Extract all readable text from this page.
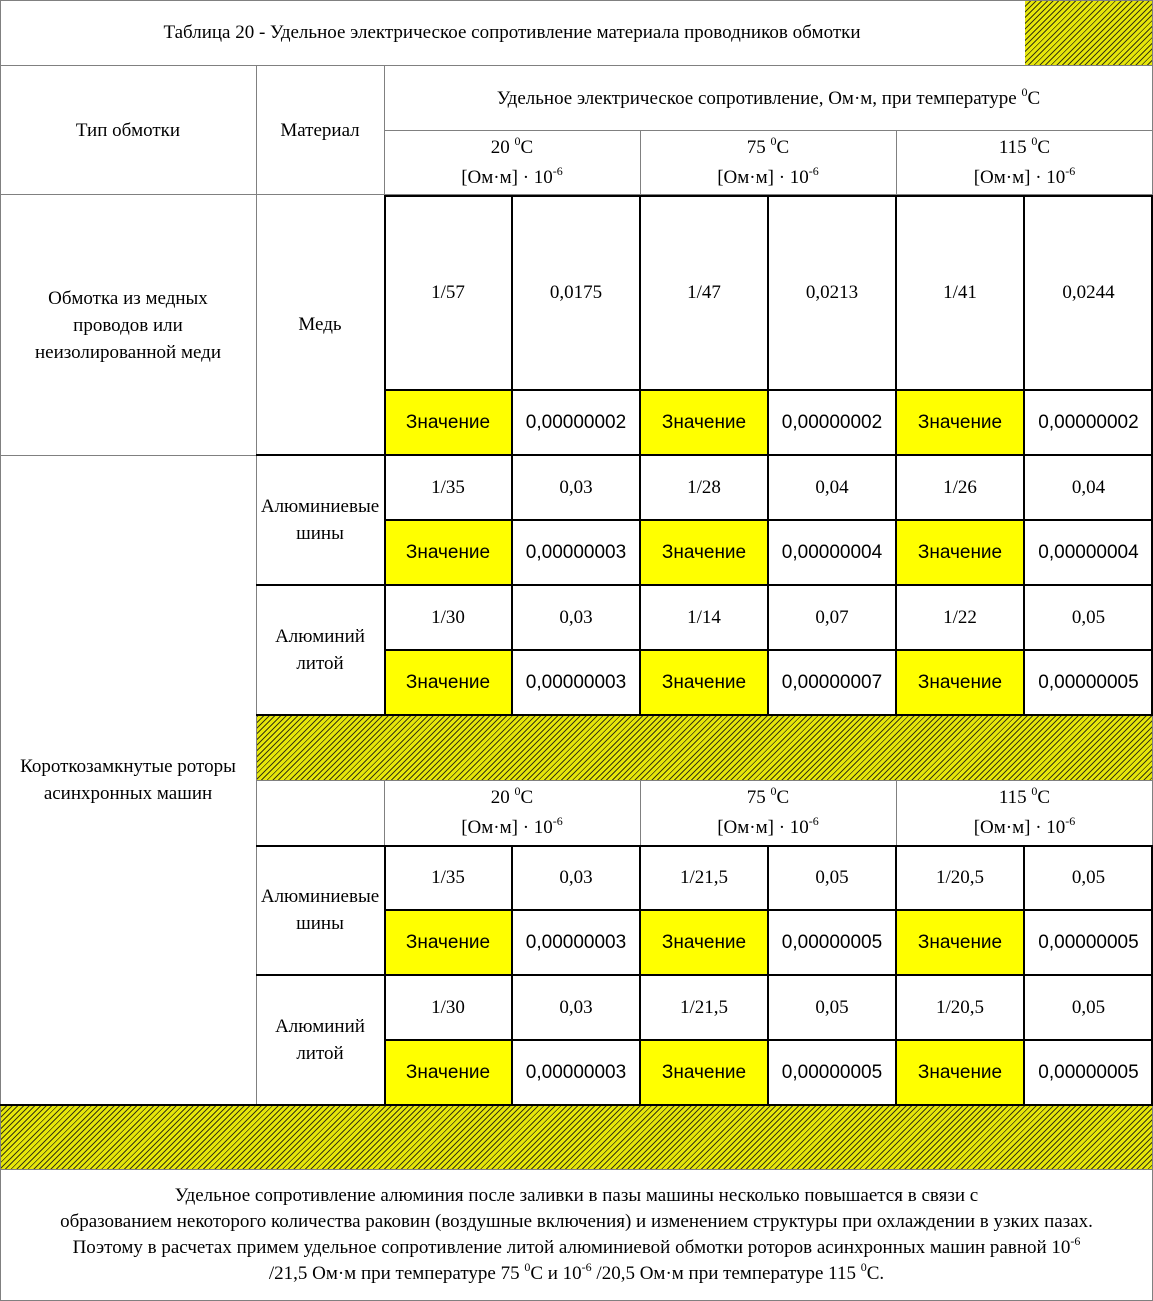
Таблица 20 - Удельное электрическое сопротивление материала проводников обмотки
Тип обмотки	Материал
Удельное электрическое сопротивление, Ом·м, при температуре $^0$С
20 $^0$С
$[Ом\cdot м] \cdot 10^{-6}$
75 $^0$С
$[Ом\cdot м] \cdot 10^{-6}$
115 $^0$С
$[Ом\cdot м] \cdot 10^{-6}$
Обмотка из медных проводов или неизолированной меди
Медь
1/57	0,0175	1/47	0,0213	1/41	0,0244
Значение 0,00000002 Значение 0,00000002 Значение 0,00000002
Короткозамкнутые роторы асинхронных машин
Алюминиевые шины
1/35	0,03	1/28	0,04	1/26	0,04
Значение 0,00000003 Значение 0,00000004 Значение 0,00000004
Алюминий литой
1/30	0,03	1/14	0,07	1/22	0,05
Значение 0,00000003 Значение 0,00000007 Значение 0,00000005
20 $^0$С
$[Ом\cdot м] \cdot 10^{-6}$
75 $^0$С
$[Ом\cdot м] \cdot 10^{-6}$
115 $^0$С
$[Ом\cdot м] \cdot 10^{-6}$
Алюминиевые шины
1/35	0,03	1/21,5	0,05	1/20,5	0,05
Значение 0,00000003 Значение 0,00000005 Значение 0,00000005
Алюминий литой
1/30	0,03	1/21,5	0,05	1/20,5	0,05
Значение 0,00000003 Значение 0,00000005 Значение 0,00000005
Удельное сопротивление алюминия после заливки в пазы машины несколько повышается в связи с
образованием некоторого количества раковин (воздушные включения) и изменением структуры при охлаждении в узких пазах.
Поэтому в расчетах примем удельное сопротивление литой алюминиевой обмотки роторов асинхронных машин равной $10^{-6}$
/21,5 Ом·м при температуре 75 $^0$С и $10^{-6}$ /20,5 Ом·м при температуре 115 $^0$С.
